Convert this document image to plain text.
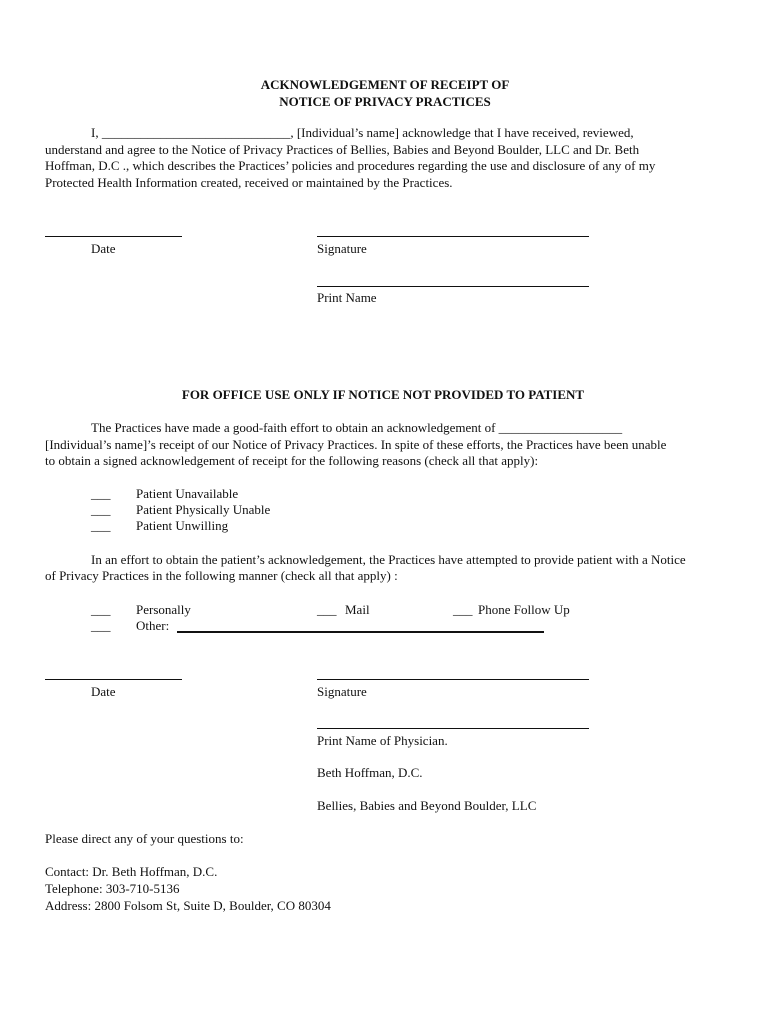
ACKNOWLEDGEMENT OF RECEIPT OF
NOTICE OF PRIVACY PRACTICES
I, _____________________________, [Individual’s name] acknowledge that I have received, reviewed,
understand and agree to the Notice of Privacy Practices of Bellies, Babies and Beyond Boulder, LLC and Dr. Beth
Hoffman, D.C ., which describes the Practices’ policies and procedures regarding the use and disclosure of any of my
Protected Health Information created, received or maintained by the Practices.
Date	Signature
Print Name
FOR OFFICE USE ONLY IF NOTICE NOT PROVIDED TO PATIENT
The Practices have made a good-faith effort to obtain an acknowledgement of ___________________
[Individual’s name]’s receipt of our Notice of Privacy Practices. In spite of these efforts, the Practices have been unable
to obtain a signed acknowledgement of receipt for the following reasons (check all that apply):
___ Patient Unavailable
___ Patient Physically Unable
___ Patient Unwilling
In an effort to obtain the patient’s acknowledgement, the Practices have attempted to provide patient with a Notice
of Privacy Practices in the following manner (check all that apply) :
___ Personally	___ Mail	___ Phone Follow Up
___ Other:
Date	Signature
Print Name of Physician.
Beth Hoffman, D.C.
Bellies, Babies and Beyond Boulder, LLC
Please direct any of your questions to:
Contact: Dr. Beth Hoffman, D.C.
Telephone: 303-710-5136
Address: 2800 Folsom St, Suite D, Boulder, CO 80304
